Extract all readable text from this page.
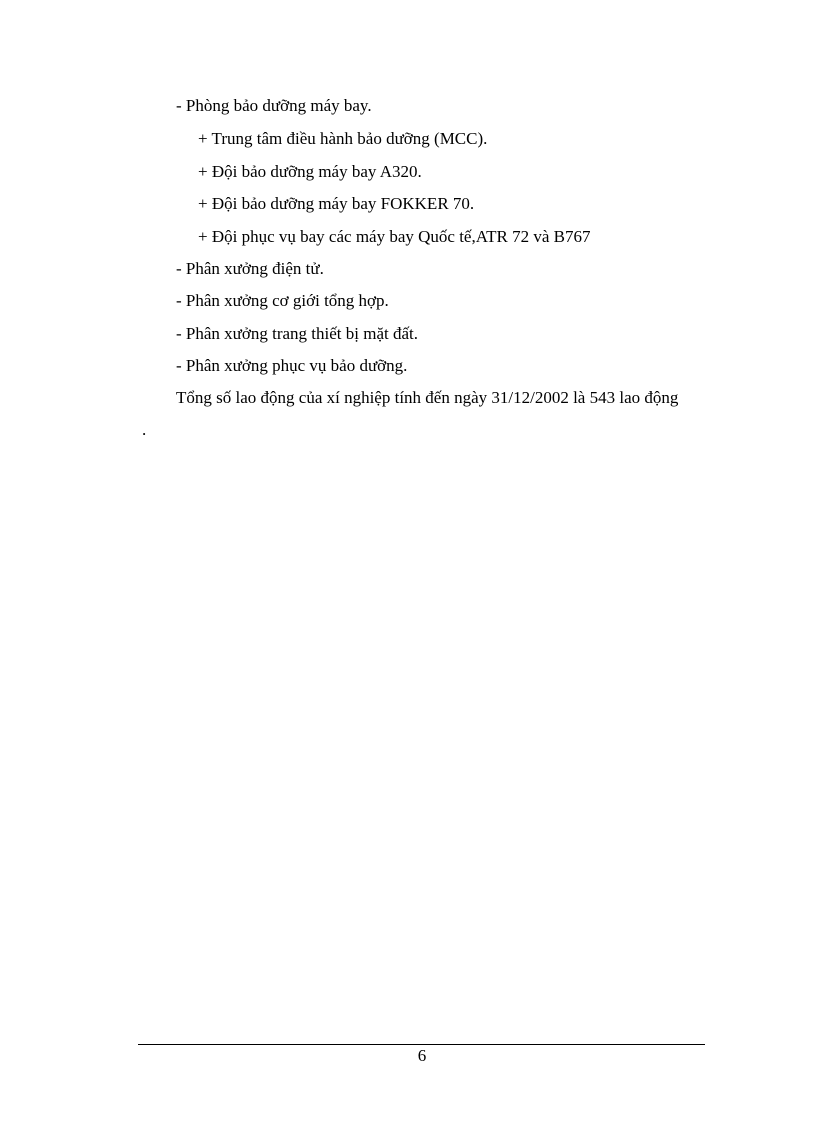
- Phòng bảo dưỡng máy bay.
+ Trung tâm điều hành bảo dưỡng (MCC).
+ Đội bảo dưỡng máy bay A320.
+ Đội bảo dưỡng máy bay FOKKER 70.
+ Đội phục vụ bay các máy bay Quốc tế,ATR 72 và B767
- Phân xưởng điện tử.
- Phân xưởng cơ giới tổng hợp.
- Phân xưởng trang thiết bị mặt đất.
- Phân xưởng phục vụ bảo dưỡng.
Tổng số lao động của xí nghiệp tính đến ngày 31/12/2002 là 543 lao động
.
6
